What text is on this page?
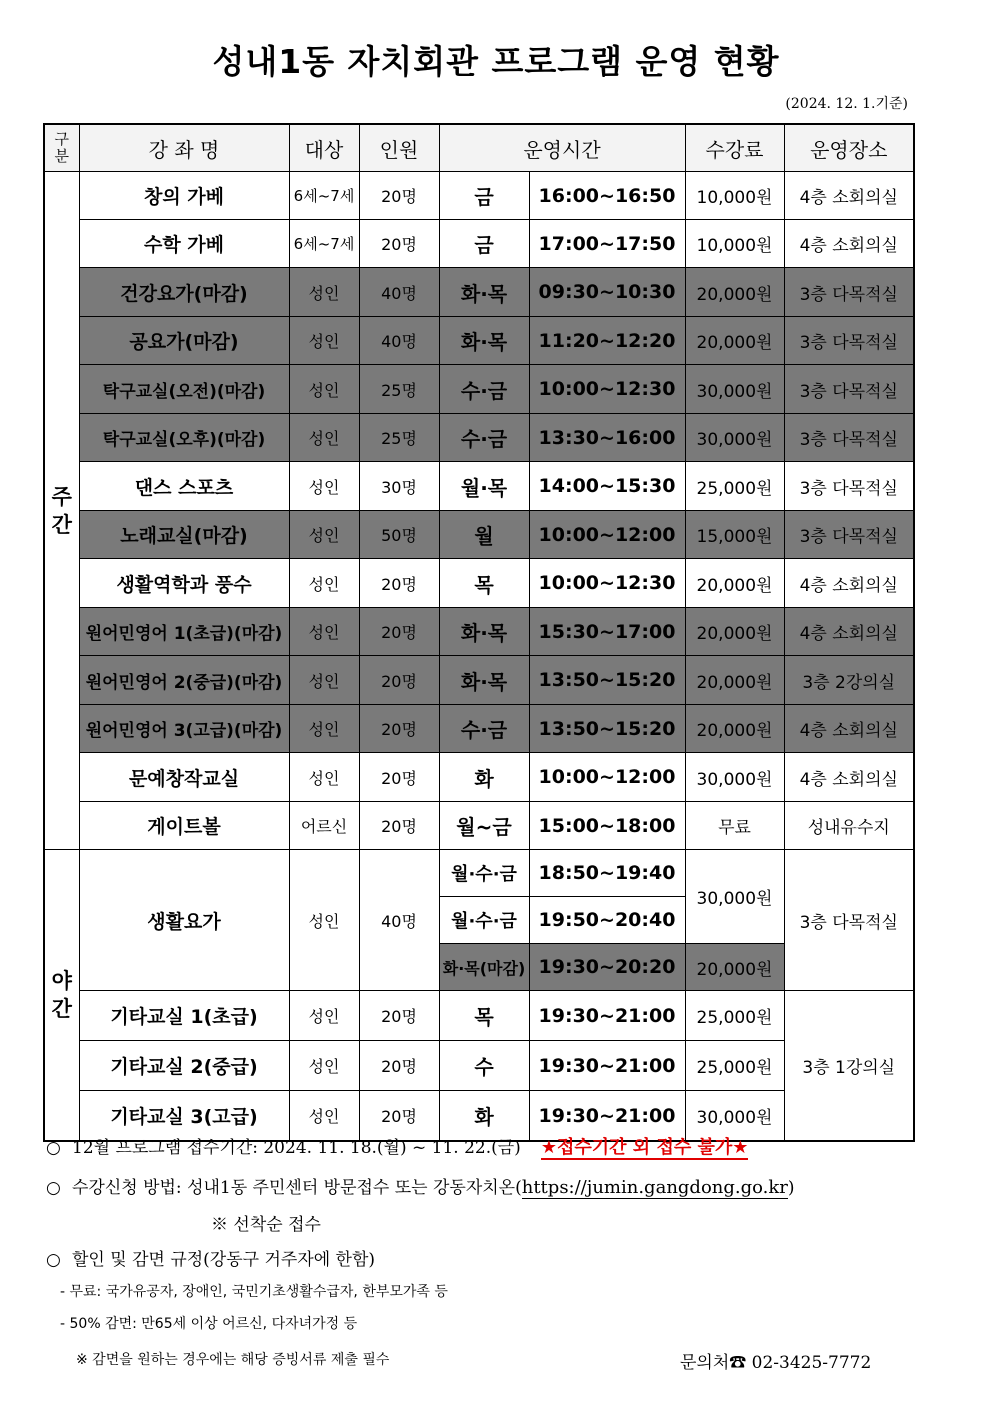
성내1동 자치회관 프로그램 운영 현황
(2024. 12. 1.기준)
구
분	강 좌 명	대상	인원	운영시간		수강료	운영장소
주
간	창의 가베	6세~7세	20명	금	16:00~16:50	10,000원	4층 소회의실
	수학 가베	6세~7세	20명	금	17:00~17:50	10,000원	4층 소회의실
	건강요가(마감)	성인	40명	화·목	09:30~10:30	20,000원	3층 다목적실
	공요가(마감)	성인	40명	화·목	11:20~12:20	20,000원	3층 다목적실
	탁구교실(오전)(마감)	성인	25명	수·금	10:00~12:30	30,000원	3층 다목적실
	탁구교실(오후)(마감)	성인	25명	수·금	13:30~16:00	30,000원	3층 다목적실
	댄스 스포츠	성인	30명	월·목	14:00~15:30	25,000원	3층 다목적실
	노래교실(마감)	성인	50명	월	10:00~12:00	15,000원	3층 다목적실
	생활역학과 풍수	성인	20명	목	10:00~12:30	20,000원	4층 소회의실
	원어민영어 1(초급)(마감)	성인	20명	화·목	15:30~17:00	20,000원	4층 소회의실
	원어민영어 2(중급)(마감)	성인	20명	화·목	13:50~15:20	20,000원	3층 2강의실
	원어민영어 3(고급)(마감)	성인	20명	수·금	13:50~15:20	20,000원	4층 소회의실
	문예창작교실	성인	20명	화	10:00~12:00	30,000원	4층 소회의실
	게이트볼	어르신	20명	월~금	15:00~18:00	무료	성내유수지
야
간	생활요가	성인	40명	월·수·금	18:50~19:40	30,000원	3층 다목적실
				월·수·금	19:50~20:40		
				화·목(마감)	19:30~20:20	20,000원	
	기타교실 1(초급)	성인	20명	목	19:30~21:00	25,000원	3층 1강의실
	기타교실 2(중급)	성인	20명	수	19:30~21:00	25,000원	
	기타교실 3(고급)	성인	20명	화	19:30~21:00	30,000원	
○ 12월 프로그램 접수기간: 2024. 11. 18.(월) ~ 11. 22.(금) ★접수기간 외 접수 불가★
○ 수강신청 방법: 성내1동 주민센터 방문접수 또는 강동자치온(https://jumin.gangdong.go.kr)
※ 선착순 접수
○ 할인 및 감면 규정(강동구 거주자에 한함)
- 무료: 국가유공자, 장애인, 국민기초생활수급자, 한부모가족 등
- 50% 감면: 만65세 이상 어르신, 다자녀가정 등
※ 감면을 원하는 경우에는 해당 증빙서류 제출 필수	문의처☎ 02-3425-7772
